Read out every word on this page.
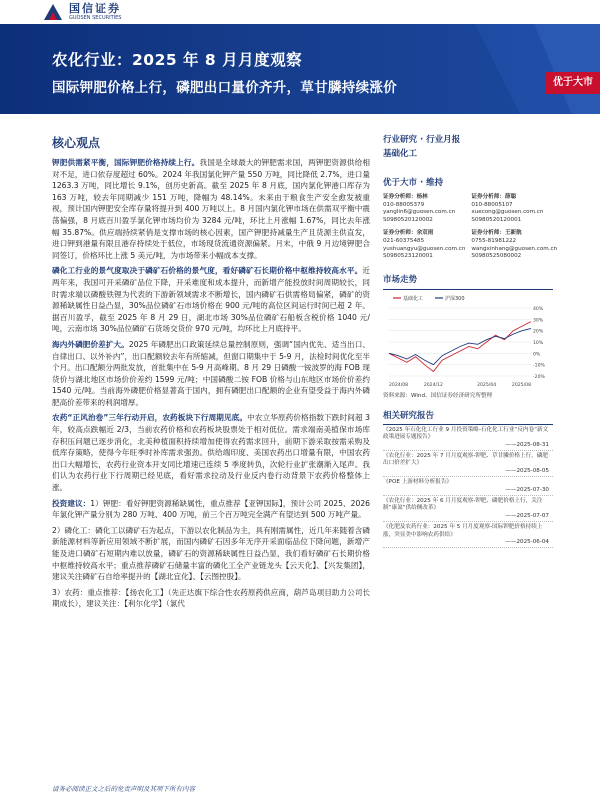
国信证券
GUOSEN SECURITIES
农化行业：2025 年 8 月月度观察
国际钾肥价格上行，磷肥出口量价齐升，草甘膦持续涨价	优于大市
核心观点
钾肥供需紧平衡，国际钾肥价格持续上行。我国是全球最大的钾肥需求国，两钾肥资源供给相对不足，进口依存度超过 60%。2024 年我国氯化钾产量 550 万吨，同比降低 2.7%，进口量 1263.3 万吨，同比增长 9.1%，创历史新高。截至 2025 年 8 月底，国内氯化钾港口库存为 163 万吨，较去年同期减少 151 万吨，降幅为 48.14%。未来由于粮食生产安全愈发被重视，预计国内钾肥安全库存量将提升到 400 万吨以上。8 月国内氯化钾市场在供需双平衡中震荡偏强，8 月底百川盈孚氯化钾市场均价为 3284 元/吨，环比上月涨幅 1.67%，同比去年涨幅 35.87%。供应端持续紧俏是支撑市场的核心因素，国产钾肥持减量生产且货源主供直发，进口钾到港量有限且港存持续处于低位，市场现货流通资源偏紧。月末，中俄 9 月边境钾肥合同签订，价格环比上涨 5 美元/吨，为市场带来小幅成本支撑。
磷化工行业的景气度取决于磷矿石价格的景气度，看好磷矿石长期价格中枢维持较高水平。近两年来，我国可开采磷矿品位下降，开采难度和成本提升，而新增产能投放时间周期较长，同时需求端以磷酸铁锂为代表的下游新领域需求不断增长，国内磷矿石供需格局偏紧，磷矿的资源稀缺属性日益凸显，30%品位磷矿石市场价格在 900 元/吨的高位区间运行时间已超 2 年。据百川盈孚，截至 2025 年 8 月 29 日，湖北市场 30%品位磷矿石船板含税价格 1040 元/吨，云南市场 30%品位磷矿石货场交货价 970 元/吨，均环比上月底持平。
海内外磷肥价差扩大。2025 年磷肥出口政策延续总量控制原则，强调“国内优先、适当出口、自律出口、以外补内”，出口配额较去年有所缩减，但窗口期集中于 5-9 月，法检时间优化至半个月。出口配额分两批发放，首批集中在 5-9 月高峰期。8 月 29 日磷酸一铵波罗的海 FOB 现货价与湖北地区市场价价差约 1599 元/吨；中国磷酸二铵 FOB 价格与山东地区市场价价差约 1540 元/吨。当前海外磷肥价格显著高于国内，拥有磷肥出口配额的企业有望受益于海内外磷肥高价差带来的利润增厚。
农药“正风治卷”三年行动开启，农药板块下行周期见底。中农立华原药价格指数下跌时间超 3 年，较高点跌幅近 2/3，当前农药价格和农药板块股票处于相对低位。需求端南美植保市场库存积压问题已逐步消化，北美种植面积持续增加使得农药需求回升，前期下游采取按需采购及低库存策略，使得今年旺季时补库需求强劲。供给端印度、美国农药出口增量有限，中国农药出口大幅增长，农药行业资本开支同比增速已连续 5 季度转负，次轮行业扩张潮渐入尾声。我们认为农药行业下行周期已经见底，看好需求拉动及行业反内卷行动背景下农药价格整体上涨。
投资建议：1）钾肥：看好钾肥资源稀缺属性，重点推荐【亚钾国际】，预计公司 2025、2026 年氯化钾产量分别为 280 万吨、400 万吨，前三个百万吨完全满产有望达到 500 万吨产量。
2）磷化工：磷化工以磷矿石为起点，下游以农化制品为主，具有刚需属性，近几年来随着含磷新能源材料等新应用领域不断扩展，而国内磷矿石因多年无序开采面临品位下降问题，新增产能及进口磷矿石短期内难以放量，磷矿石的资源稀缺属性日益凸显，我们看好磷矿石长期价格中枢维持较高水平；重点推荐磷矿石储量丰富的磷化工全产业链龙头【云天化】、【兴发集团】，建议关注磷矿石自给率提升的【湖北宜化】、【云图控股】。
3）农药：重点推荐：【扬农化工】（先正达旗下综合性农药原药供应商，葫芦岛项目助力公司长期成长），建议关注：【利尔化学】（氯代
请务必阅读正文之后的免责声明及其项下所有内容
行业研究 · 行业月报
基础化工
优于大市 · 维持
证券分析师：杨林
010-88005379
yanglin6@guosen.com.cn
S0980520120002
证券分析师：薛聪
010-88005107
xuecong@guosen.com.cn
S0980520120001
证券分析师：余双雨
021-60375485
yushuangyu@guosen.com.cn
S0980523120001
证券分析师：王新航
0755-81981222
wangxinhang@guosen.com.cn
S0980525080002
市场走势
40%
30%
20%
10%
0%
-10%
-20%
2024/08	2024/12	2025/04	2025/08
基础化工	沪深300
资料来源：Wind、国信证券经济研究所整理
相关研究报告
《2025 年石化化工行业 9 月投资策略-石化化工行业“反内卷”新文政策进展专题报告》
——2025-08-31
《农化行业：2025 年 7 月月度观察-钾肥、草甘膦价格上行，磷肥出口价差扩大》
——2025-08-05
《POE 上游材料分析报告》
——2025-07-30
《农化行业：2025 年 6 月月度观察-钾肥、磷肥价格上行，关注制“康氮”供给侧改革》
——2025-07-07
《化肥及农药行业：2025 年 5 月月度观察-国际钾肥价格持续上涨，突显美中影响农药供给》
——2025-06-04
